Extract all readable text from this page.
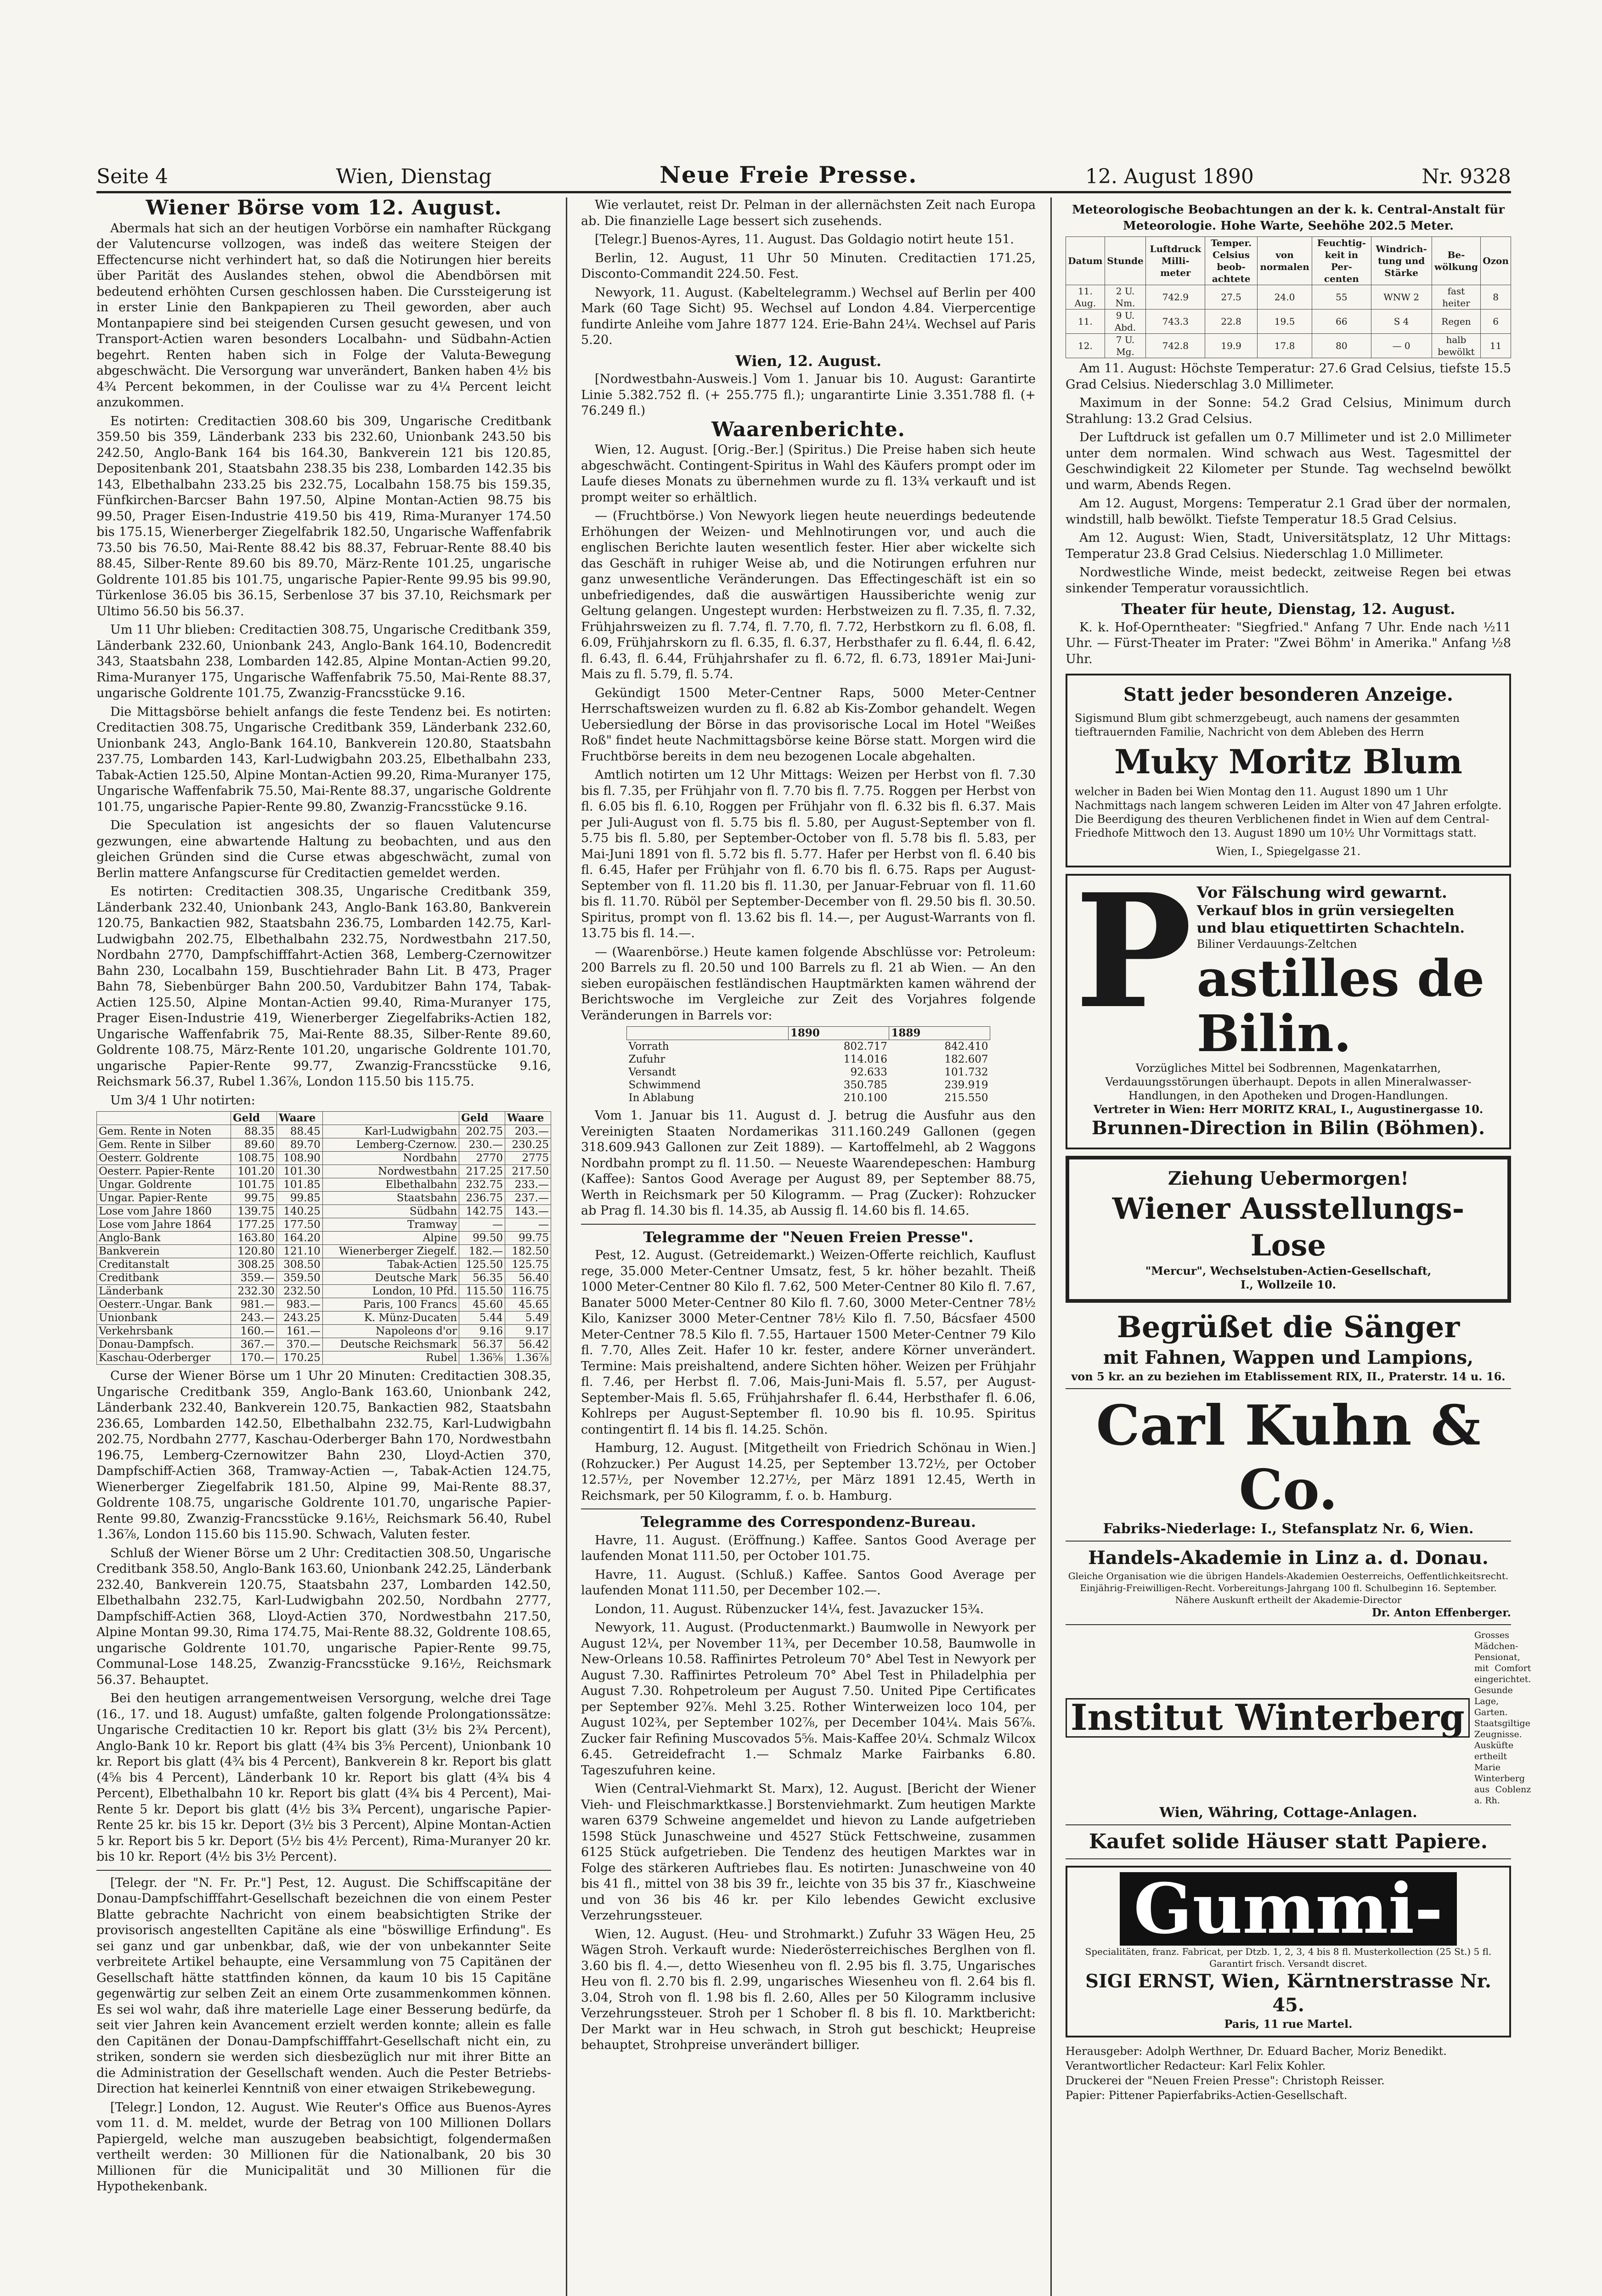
Seite 4	Wien, Dienstag	Neue Freie Presse.	12. August 1890	Nr. 9328
Wiener Börse vom 12. August.

Abermals hat sich an der heutigen Vorbörse ein namhafter Rückgang der Valutencurse vollzogen, was indeß das weitere Steigen der Effectencurse nicht verhindert hat, so daß die Notirungen hier bereits über Parität des Auslandes stehen, obwol die Abendbörsen mit bedeutend erhöhten Cursen geschlossen haben. Die Curssteigerung ist in erster Linie den Bankpapieren zu Theil geworden, aber auch Montanpapiere sind bei steigenden Cursen gesucht gewesen, und von Transport-Actien waren besonders Localbahn- und Südbahn-Actien begehrt. Renten haben sich in Folge der Valuta-Bewegung abgeschwächt. Die Versorgung war unverändert, Banken haben 4½ bis 4¾ Percent bekommen, in der Coulisse war zu 4¼ Percent leicht anzukommen.

Es notirten: Creditactien 308.60 bis 309, Ungarische Creditbank 359.50 bis 359, Länderbank 233 bis 232.60, Unionbank 243.50 bis 242.50, Anglo-Bank 164 bis 164.30, Bankverein 121 bis 120.85, Depositenbank 201, Staatsbahn 238.35 bis 238, Lombarden 142.35 bis 143, Elbethalbahn 233.25 bis 232.75, Localbahn 158.75 bis 159.35, Fünfkirchen-Barcser Bahn 197.50, Alpine Montan-Actien 98.75 bis 99.50, Prager Eisen-Industrie 419.50 bis 419, Rima-Muranyer 174.50 bis 175.15, Wienerberger Ziegelfabrik 182.50, Ungarische Waffenfabrik 73.50 bis 76.50, Mai-Rente 88.42 bis 88.37, Februar-Rente 88.40 bis 88.45, Silber-Rente 89.60 bis 89.70, März-Rente 101.25, ungarische Goldrente 101.85 bis 101.75, ungarische Papier-Rente 99.95 bis 99.90, Türkenlose 36.05 bis 36.15, Serbenlose 37 bis 37.10, Reichsmark per Ultimo 56.50 bis 56.37.

Um 11 Uhr blieben: Creditactien 308.75, Ungarische Creditbank 359, Länderbank 232.60, Unionbank 243, Anglo-Bank 164.10, Bodencredit 343, Staatsbahn 238, Lombarden 142.85, Alpine Montan-Actien 99.20, Rima-Muranyer 175, Ungarische Waffenfabrik 75.50, Mai-Rente 88.37, ungarische Goldrente 101.75, Zwanzig-Francsstücke 9.16.

Die Mittagsbörse behielt anfangs die feste Tendenz bei. Es notirten: Creditactien 308.75, Ungarische Creditbank 359, Länderbank 232.60, Unionbank 243, Anglo-Bank 164.10, Bankverein 120.80, Staatsbahn 237.75, Lombarden 143, Karl-Ludwigbahn 203.25, Elbethalbahn 233, Tabak-Actien 125.50, Alpine Montan-Actien 99.20, Rima-Muranyer 175, Ungarische Waffenfabrik 75.50, Mai-Rente 88.37, ungarische Goldrente 101.75, ungarische Papier-Rente 99.80, Zwanzig-Francsstücke 9.16.

Die Speculation ist angesichts der so flauen Valutencurse gezwungen, eine abwartende Haltung zu beobachten, und aus den gleichen Gründen sind die Curse etwas abgeschwächt, zumal von Berlin mattere Anfangscurse für Creditactien gemeldet werden.

Es notirten: Creditactien 308.35, Ungarische Creditbank 359, Länderbank 232.40, Unionbank 243, Anglo-Bank 163.80, Bankverein 120.75, Bankactien 982, Staatsbahn 236.75, Lombarden 142.75, Karl-Ludwigbahn 202.75, Elbethalbahn 232.75, Nordwestbahn 217.50, Nordbahn 2770, Dampfschifffahrt-Actien 368, Lemberg-Czernowitzer Bahn 230, Localbahn 159, Buschtiehrader Bahn Lit. B 473, Prager Bahn 78, Siebenbürger Bahn 200.50, Vardubitzer Bahn 174, Tabak-Actien 125.50, Alpine Montan-Actien 99.40, Rima-Muranyer 175, Prager Eisen-Industrie 419, Wienerberger Ziegelfabriks-Actien 182, Ungarische Waffenfabrik 75, Mai-Rente 88.35, Silber-Rente 89.60, Goldrente 108.75, März-Rente 101.20, ungarische Goldrente 101.70, ungarische Papier-Rente 99.77, Zwanzig-Francsstücke 9.16, Reichsmark 56.37, Rubel 1.36⅞, London 115.50 bis 115.75.

Um 3/4 1 Uhr notirten:

	Geld	Waare		Geld	Waare
Gem. Rente in Noten	88.35	88.45	Karl-Ludwigbahn	202.75	203.—
Gem. Rente in Silber	89.60	89.70	Lemberg-Czernow.	230.—	230.25
Oesterr. Goldrente	108.75	108.90	Nordbahn	2770	2775
Oesterr. Papier-Rente	101.20	101.30	Nordwestbahn	217.25	217.50
Ungar. Goldrente	101.75	101.85	Elbethalbahn	232.75	233.—
Ungar. Papier-Rente	99.75	99.85	Staatsbahn	236.75	237.—
Lose vom Jahre 1860	139.75	140.25	Südbahn	142.75	143.—
Lose vom Jahre 1864	177.25	177.50	Tramway	—	—
Anglo-Bank	163.80	164.20	Alpine	99.50	99.75
Bankverein	120.80	121.10	Wienerberger Ziegelf.	182.—	182.50
Creditanstalt	308.25	308.50	Tabak-Actien	125.50	125.75
Creditbank	359.—	359.50	Deutsche Mark	56.35	56.40
Länderbank	232.30	232.50	London, 10 Pfd.	115.50	116.75
Oesterr.-Ungar. Bank	981.—	983.—	Paris, 100 Francs	45.60	45.65
Unionbank	243.—	243.25	K. Münz-Ducaten	5.44	5.49
Verkehrsbank	160.—	161.—	Napoleons d'or	9.16	9.17
Donau-Dampfsch.	367.—	370.—	Deutsche Reichsmark	56.37	56.42
Kaschau-Oderberger	170.—	170.25	Rubel	1.36⅝	1.36⅞

Curse der Wiener Börse um 1 Uhr 20 Minuten: Creditactien 308.35, Ungarische Creditbank 359, Anglo-Bank 163.60, Unionbank 242, Länderbank 232.40, Bankverein 120.75, Bankactien 982, Staatsbahn 236.65, Lombarden 142.50, Elbethalbahn 232.75, Karl-Ludwigbahn 202.75, Nordbahn 2777, Kaschau-Oderberger Bahn 170, Nordwestbahn 196.75, Lemberg-Czernowitzer Bahn 230, Lloyd-Actien 370, Dampfschiff-Actien 368, Tramway-Actien —, Tabak-Actien 124.75, Wienerberger Ziegelfabrik 181.50, Alpine 99, Mai-Rente 88.37, Goldrente 108.75, ungarische Goldrente 101.70, ungarische Papier-Rente 99.80, Zwanzig-Francsstücke 9.16½, Reichsmark 56.40, Rubel 1.36⅞, London 115.60 bis 115.90. Schwach, Valuten fester.

Schluß der Wiener Börse um 2 Uhr: Creditactien 308.50, Ungarische Creditbank 358.50, Anglo-Bank 163.60, Unionbank 242.25, Länderbank 232.40, Bankverein 120.75, Staatsbahn 237, Lombarden 142.50, Elbethalbahn 232.75, Karl-Ludwigbahn 202.50, Nordbahn 2777, Dampfschiff-Actien 368, Lloyd-Actien 370, Nordwestbahn 217.50, Alpine Montan 99.30, Rima 174.75, Mai-Rente 88.32, Goldrente 108.65, ungarische Goldrente 101.70, ungarische Papier-Rente 99.75, Communal-Lose 148.25, Zwanzig-Francsstücke 9.16½, Reichsmark 56.37. Behauptet.

Bei den heutigen arrangementweisen Versorgung, welche drei Tage (16., 17. und 18. August) umfaßte, galten folgende Prolongationssätze: Ungarische Creditactien 10 kr. Report bis glatt (3½ bis 2¾ Percent), Anglo-Bank 10 kr. Report bis glatt (4¾ bis 3⅝ Percent), Unionbank 10 kr. Report bis glatt (4¾ bis 4 Percent), Bankverein 8 kr. Report bis glatt (4⅝ bis 4 Percent), Länderbank 10 kr. Report bis glatt (4¾ bis 4 Percent), Elbethalbahn 10 kr. Report bis glatt (4¾ bis 4 Percent), Mai-Rente 5 kr. Deport bis glatt (4½ bis 3¾ Percent), ungarische Papier-Rente 25 kr. bis 15 kr. Deport (3½ bis 3 Percent), Alpine Montan-Actien 5 kr. Report bis 5 kr. Deport (5½ bis 4½ Percent), Rima-Muranyer 20 kr. bis 10 kr. Report (4½ bis 3½ Percent).

[Telegr. der "N. Fr. Pr."] Pest, 12. August. Die Schiffscapitäne der Donau-Dampfschifffahrt-Gesellschaft bezeichnen die von einem Pester Blatte gebrachte Nachricht von einem beabsichtigten Strike der provisorisch angestellten Capitäne als eine "böswillige Erfindung". Es sei ganz und gar unbenkbar, daß, wie der von unbekannter Seite verbreitete Artikel behaupte, eine Versammlung von 75 Capitänen der Gesellschaft hätte stattfinden können, da kaum 10 bis 15 Capitäne gegenwärtig zur selben Zeit an einem Orte zusammenkommen können. Es sei wol wahr, daß ihre materielle Lage einer Besserung bedürfe, da seit vier Jahren kein Avancement erzielt werden konnte; allein es falle den Capitänen der Donau-Dampfschifffahrt-Gesellschaft nicht ein, zu striken, sondern sie werden sich diesbezüglich nur mit ihrer Bitte an die Administration der Gesellschaft wenden. Auch die Pester Betriebs-Direction hat keinerlei Kenntniß von einer etwaigen Strikebewegung.

[Telegr.] London, 12. August. Wie Reuter's Office aus Buenos-Ayres vom 11. d. M. meldet, wurde der Betrag von 100 Millionen Dollars Papiergeld, welche man auszugeben beabsichtigt, folgendermaßen vertheilt werden: 30 Millionen für die Nationalbank, 20 bis 30 Millionen für die Municipalität und 30 Millionen für die Hypothekenbank.

Wie verlautet, reist Dr. Pelman in der allernächsten Zeit nach Europa ab. Die finanzielle Lage bessert sich zusehends.

[Telegr.] Buenos-Ayres, 11. August. Das Goldagio notirt heute 151.

Berlin, 12. August, 11 Uhr 50 Minuten. Creditactien 171.25, Disconto-Commandit 224.50. Fest.

Newyork, 11. August. (Kabeltelegramm.) Wechsel auf Berlin per 400 Mark (60 Tage Sicht) 95. Wechsel auf London 4.84. Vierpercentige fundirte Anleihe vom Jahre 1877 124. Erie-Bahn 24¼. Wechsel auf Paris 5.20.

Wien, 12. August.

[Nordwestbahn-Ausweis.] Vom 1. Januar bis 10. August: Garantirte Linie 5.382.752 fl. (+ 255.775 fl.); ungarantirte Linie 3.351.788 fl. (+ 76.249 fl.)

Waarenberichte.

Wien, 12. August. [Orig.-Ber.] (Spiritus.) Die Preise haben sich heute abgeschwächt. Contingent-Spiritus in Wahl des Käufers prompt oder im Laufe dieses Monats zu übernehmen wurde zu fl. 13¾ verkauft und ist prompt weiter so erhältlich.

— (Fruchtbörse.) Von Newyork liegen heute neuerdings bedeutende Erhöhungen der Weizen- und Mehlnotirungen vor, und auch die englischen Berichte lauten wesentlich fester. Hier aber wickelte sich das Geschäft in ruhiger Weise ab, und die Notirungen erfuhren nur ganz unwesentliche Veränderungen. Das Effectingeschäft ist ein so unbefriedigendes, daß die auswärtigen Haussiberichte wenig zur Geltung gelangen. Ungestept wurden: Herbstweizen zu fl. 7.35, fl. 7.32, Frühjahrsweizen zu fl. 7.74, fl. 7.70, fl. 7.72, Herbstkorn zu fl. 6.08, fl. 6.09, Frühjahrskorn zu fl. 6.35, fl. 6.37, Herbsthafer zu fl. 6.44, fl. 6.42, fl. 6.43, fl. 6.44, Frühjahrshafer zu fl. 6.72, fl. 6.73, 1891er Mai-Juni-Mais zu fl. 5.79, fl. 5.74.

Gekündigt 1500 Meter-Centner Raps, 5000 Meter-Centner Herrschaftsweizen wurden zu fl. 6.82 ab Kis-Zombor gehandelt. Wegen Uebersiedlung der Börse in das provisorische Local im Hotel "Weißes Roß" findet heute Nachmittagsbörse keine Börse statt. Morgen wird die Fruchtbörse bereits in dem neu bezogenen Locale abgehalten.

Amtlich notirten um 12 Uhr Mittags: Weizen per Herbst von fl. 7.30 bis fl. 7.35, per Frühjahr von fl. 7.70 bis fl. 7.75. Roggen per Herbst von fl. 6.05 bis fl. 6.10, Roggen per Frühjahr von fl. 6.32 bis fl. 6.37. Mais per Juli-August von fl. 5.75 bis fl. 5.80, per August-September von fl. 5.75 bis fl. 5.80, per September-October von fl. 5.78 bis fl. 5.83, per Mai-Juni 1891 von fl. 5.72 bis fl. 5.77. Hafer per Herbst von fl. 6.40 bis fl. 6.45, Hafer per Frühjahr von fl. 6.70 bis fl. 6.75. Raps per August-September von fl. 11.20 bis fl. 11.30, per Januar-Februar von fl. 11.60 bis fl. 11.70. Rüböl per September-December von fl. 29.50 bis fl. 30.50. Spiritus, prompt von fl. 13.62 bis fl. 14.—, per August-Warrants von fl. 13.75 bis fl. 14.—.

— (Waarenbörse.) Heute kamen folgende Abschlüsse vor: Petroleum: 200 Barrels zu fl. 20.50 und 100 Barrels zu fl. 21 ab Wien. — An den sieben europäischen festländischen Hauptmärkten kamen während der Berichtswoche im Vergleiche zur Zeit des Vorjahres folgende Veränderungen in Barrels vor:

	1890	1889
Vorrath	802.717	842.410
Zufuhr	114.016	182.607
Versandt	92.633	101.732
Schwimmend	350.785	239.919
In Ablabung	210.100	215.550

Vom 1. Januar bis 11. August d. J. betrug die Ausfuhr aus den Vereinigten Staaten Nordamerikas 311.160.249 Gallonen (gegen 318.609.943 Gallonen zur Zeit 1889). — Kartoffelmehl, ab 2 Waggons Nordbahn prompt zu fl. 11.50. — Neueste Waarendepeschen: Hamburg (Kaffee): Santos Good Average per August 89, per September 88.75, Werth in Reichsmark per 50 Kilogramm. — Prag (Zucker): Rohzucker ab Prag fl. 14.30 bis fl. 14.35, ab Aussig fl. 14.60 bis fl. 14.65.

Telegramme der "Neuen Freien Presse".

Pest, 12. August. (Getreidemarkt.) Weizen-Offerte reichlich, Kauflust rege, 35.000 Meter-Centner Umsatz, fest, 5 kr. höher bezahlt. Theiß 1000 Meter-Centner 80 Kilo fl. 7.62, 500 Meter-Centner 80 Kilo fl. 7.67, Banater 5000 Meter-Centner 80 Kilo fl. 7.60, 3000 Meter-Centner 78½ Kilo, Kanizser 3000 Meter-Centner 78½ Kilo fl. 7.50, Bácsfaer 4500 Meter-Centner 78.5 Kilo fl. 7.55, Hartauer 1500 Meter-Centner 79 Kilo fl. 7.70, Alles Zeit. Hafer 10 kr. fester, andere Körner unverändert. Termine: Mais preishaltend, andere Sichten höher. Weizen per Frühjahr fl. 7.46, per Herbst fl. 7.06, Mais-Juni-Mais fl. 5.57, per August-September-Mais fl. 5.65, Frühjahrshafer fl. 6.44, Herbsthafer fl. 6.06, Kohlreps per August-September fl. 10.90 bis fl. 10.95. Spiritus contingentirt fl. 14 bis fl. 14.25. Schön.

Hamburg, 12. August. [Mitgetheilt von Friedrich Schönau in Wien.] (Rohzucker.) Per August 14.25, per September 13.72½, per October 12.57½, per November 12.27½, per März 1891 12.45, Werth in Reichsmark, per 50 Kilogramm, f. o. b. Hamburg.

Telegramme des Correspondenz-Bureau.

Havre, 11. August. (Eröffnung.) Kaffee. Santos Good Average per laufenden Monat 111.50, per October 101.75.

Havre, 11. August. (Schluß.) Kaffee. Santos Good Average per laufenden Monat 111.50, per December 102.—.

London, 11. August. Rübenzucker 14¼, fest. Javazucker 15¾.

Newyork, 11. August. (Productenmarkt.) Baumwolle in Newyork per August 12¼, per November 11¾, per December 10.58, Baumwolle in New-Orleans 10.58. Raffinirtes Petroleum 70° Abel Test in Newyork per August 7.30. Raffinirtes Petroleum 70° Abel Test in Philadelphia per August 7.30. Rohpetroleum per August 7.50. United Pipe Certificates per September 92⅞. Mehl 3.25. Rother Winterweizen loco 104, per August 102¾, per September 102⅞, per December 104¼. Mais 56⅞. Zucker fair Refining Muscovados 5⅝. Mais-Kaffee 20¼. Schmalz Wilcox 6.45. Getreidefracht 1.— Schmalz Marke Fairbanks 6.80. Tageszufuhren keine.

Wien (Central-Viehmarkt St. Marx), 12. August. [Bericht der Wiener Vieh- und Fleischmarktkasse.] Borstenviehmarkt. Zum heutigen Markte waren 6379 Schweine angemeldet und hievon zu Lande aufgetrieben 1598 Stück Junaschweine und 4527 Stück Fettschweine, zusammen 6125 Stück aufgetrieben. Die Tendenz des heutigen Marktes war in Folge des stärkeren Auftriebes flau. Es notirten: Junaschweine von 40 bis 41 fl., mittel von 38 bis 39 fr., leichte von 35 bis 37 fr., Kiaschweine und von 36 bis 46 kr. per Kilo lebendes Gewicht exclusive Verzehrungssteuer.

Wien, 12. August. (Heu- und Strohmarkt.) Zufuhr 33 Wägen Heu, 25 Wägen Stroh. Verkauft wurde: Niederösterreichisches Berglhen von fl. 3.60 bis fl. 4.—, detto Wiesenheu von fl. 2.95 bis fl. 3.75, Ungarisches Heu von fl. 2.70 bis fl. 2.99, ungarisches Wiesenheu von fl. 2.64 bis fl. 3.04, Stroh von fl. 1.98 bis fl. 2.60, Alles per 50 Kilogramm inclusive Verzehrungssteuer. Stroh per 1 Schober fl. 8 bis fl. 10. Marktbericht: Der Markt war in Heu schwach, in Stroh gut beschickt; Heupreise behauptet, Strohpreise unverändert billiger.

Meteorologische Beobachtungen an der k. k. Central-Anstalt für Meteorologie. Hohe Warte, Seehöhe 202.5 Meter.
Datum	Stunde	Luftdruck Milli-meter	Temper. Celsius beob-achtete	von normalen	Feuchtig-keit in Per-centen	Windrich-tung und Stärke	Be-wölkung	Ozon
11. Aug.	2 U. Nm.	742.9	27.5	24.0	55	WNW 2	fast heiter	8
11.	9 U. Abd.	743.3	22.8	19.5	66	S 4	Regen	6
12.	7 U. Mg.	742.8	19.9	17.8	80	— 0	halb bewölkt	11

Am 11. August: Höchste Temperatur: 27.6 Grad Celsius, tiefste 15.5 Grad Celsius. Niederschlag 3.0 Millimeter.

Maximum in der Sonne: 54.2 Grad Celsius, Minimum durch Strahlung: 13.2 Grad Celsius.

Der Luftdruck ist gefallen um 0.7 Millimeter und ist 2.0 Millimeter unter dem normalen. Wind schwach aus West. Tagesmittel der Geschwindigkeit 22 Kilometer per Stunde. Tag wechselnd bewölkt und warm, Abends Regen.

Am 12. August, Morgens: Temperatur 2.1 Grad über der normalen, windstill, halb bewölkt. Tiefste Temperatur 18.5 Grad Celsius.

Am 12. August: Wien, Stadt, Universitätsplatz, 12 Uhr Mittags: Temperatur 23.8 Grad Celsius. Niederschlag 1.0 Millimeter.

Nordwestliche Winde, meist bedeckt, zeitweise Regen bei etwas sinkender Temperatur voraussichtlich.

Theater für heute, Dienstag, 12. August.

K. k. Hof-Operntheater: "Siegfried." Anfang 7 Uhr. Ende nach ½11 Uhr. — Fürst-Theater im Prater: "Zwei Böhm' in Amerika." Anfang ½8 Uhr.

Statt jeder besonderen Anzeige.
Sigismund Blum gibt schmerzgebeugt, auch namens der gesammten tieftrauernden Familie, Nachricht von dem Ableben des Herrn
Muky Moritz Blum
welcher in Baden bei Wien Montag den 11. August 1890 um 1 Uhr Nachmittags nach langem schweren Leiden im Alter von 47 Jahren erfolgte. Die Beerdigung des theuren Verblichenen findet in Wien auf dem Central-Friedhofe Mittwoch den 13. August 1890 um 10½ Uhr Vormittags statt.
Wien, I., Spiegelgasse 21.
P Vor Fälschung wird gewarnt.
Verkauf blos in grün versiegelten
und blau etiquettirten Schachteln.
Biliner Verdauungs-Zeltchen
astilles de Bilin.
Vorzügliches Mittel bei Sodbrennen, Magenkatarrhen, Verdauungsstörungen überhaupt. Depots in allen Mineralwasser-Handlungen, in den Apotheken und Drogen-Handlungen.
Vertreter in Wien: Herr MORITZ KRAL, I., Augustinergasse 10.
Brunnen-Direction in Bilin (Böhmen).
Ziehung Uebermorgen!
Wiener Ausstellungs-Lose
"Mercur", Wechselstuben-Actien-Gesellschaft,
I., Wollzeile 10.
Begrüßet die Sänger
mit Fahnen, Wappen und Lampions,
von 5 kr. an zu beziehen im Etablissement RIX, II., Praterstr. 14 u. 16.
Carl Kuhn & Co.
Fabriks-Niederlage: I., Stefansplatz Nr. 6, Wien.
Handels-Akademie in Linz a. d. Donau.
Gleiche Organisation wie die übrigen Handels-Akademien Oesterreichs, Oeffentlichkeitsrecht. Einjährig-Freiwilligen-Recht. Vorbereitungs-Jahrgang 100 fl. Schulbeginn 16. September. Nähere Auskunft ertheilt der Akademie-Director
Dr. Anton Effenberger.
Institut Winterberg
Grosses Mädchen-Pensionat, mit Comfort eingerichtet. Gesunde Lage, Garten. Staatsgiltige Zeugnisse. Ausküfte ertheilt Marie Winterberg aus Coblenz a. Rh.
Wien, Währing, Cottage-Anlagen.
Kaufet solide Häuser statt Papiere.
Gummi-
Specialitäten, franz. Fabricat, per Dtzb. 1, 2, 3, 4 bis 8 fl. Musterkollection (25 St.) 5 fl. Garantirt frisch. Versandt discret.
SIGI ERNST, Wien, Kärntnerstrasse Nr. 45.
Paris, 11 rue Martel.
Herausgeber: Adolph Werthner, Dr. Eduard Bacher, Moriz Benedikt.
Verantwortlicher Redacteur: Karl Felix Kohler.
Druckerei der "Neuen Freien Presse": Christoph Reisser.
Papier: Pittener Papierfabriks-Actien-Gesellschaft.
